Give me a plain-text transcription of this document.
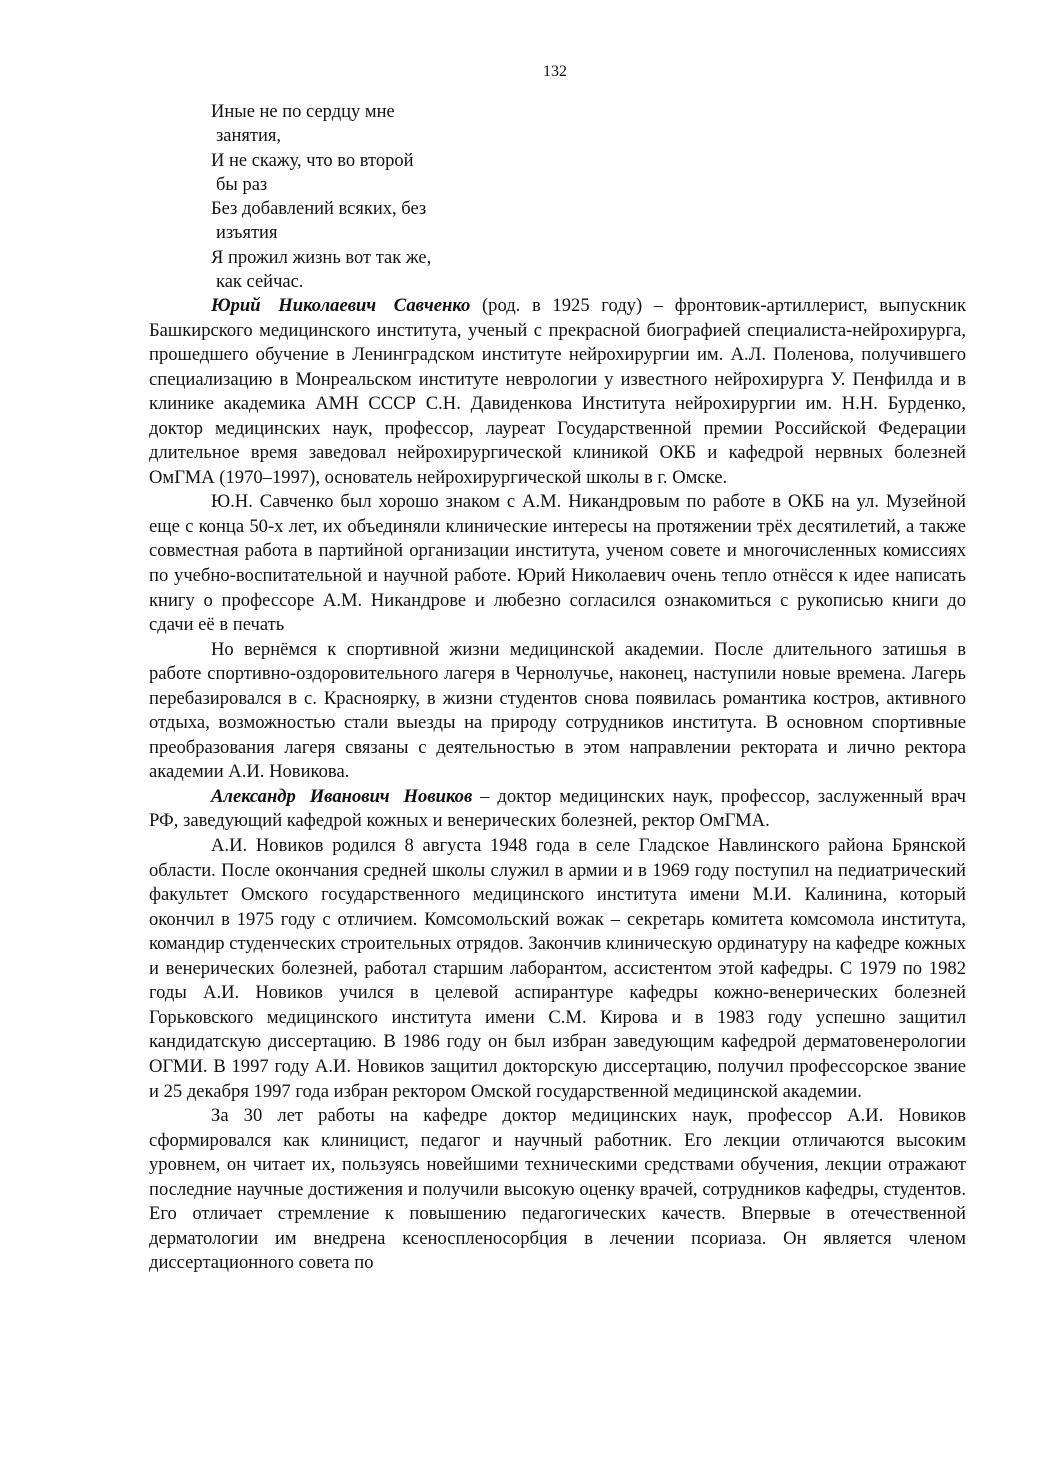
132
Иные не по сердцу мне
занятия,
И не скажу, что во второй
бы раз
Без добавлений всяких, без
изъятия
Я прожил жизнь вот так же,
как сейчас.

Юрий Николаевич Савченко (род. в 1925 году) – фронтовик-артиллерист, выпускник Башкирского медицинского института, ученый с прекрасной биографией специалиста-нейрохирурга, прошедшего обучение в Ленинградском институте нейрохирургии им. А.Л. Поленова, получившего специализацию в Монреальском институте неврологии у известного нейрохирурга У. Пенфилда и в клинике академика АМН СССР С.Н. Давиденкова Института нейрохирургии им. Н.Н. Бурденко, доктор медицинских наук, профессор, лауреат Государственной премии Российской Федерации длительное время заведовал нейрохирургической клиникой ОКБ и кафедрой нервных болезней ОмГМА (1970–1997), основатель нейрохирургической школы в г. Омске.

Ю.Н. Савченко был хорошо знаком с А.М. Никандровым по работе в ОКБ на ул. Музейной еще с конца 50-х лет, их объединяли клинические интересы на протяжении трёх десятилетий, а также совместная работа в партийной организации института, ученом совете и многочисленных комиссиях по учебно-воспитательной и научной работе. Юрий Николаевич очень тепло отнёсся к идее написать книгу о профессоре А.М. Никандрове и любезно согласился ознакомиться с рукописью книги до сдачи её в печать

Но вернёмся к спортивной жизни медицинской академии. После длительного затишья в работе спортивно-оздоровительного лагеря в Чернолучье, наконец, наступили новые времена. Лагерь перебазировался в с. Краснoярку, в жизни студентов снова появилась романтика костров, активного отдыха, возможностью стали выезды на природу сотрудников института. В основном спортивные преобразования лагеря связаны с деятельностью в этом направлении ректората и лично ректора академии А.И. Новикова.

Александр Иванович Новиков – доктор медицинских наук, профессор, заслуженный врач РФ, заведующий кафедрой кожных и венерических болезней, ректор ОмГМА.

А.И. Новиков родился 8 августа 1948 года в селе Гладское Навлинского района Брянской области. После окончания средней школы служил в армии и в 1969 году поступил на педиатрический факультет Омского государственного медицинского института имени М.И. Калинина, который окончил в 1975 году с отличием. Комсомольский вожак – секретарь комитета комсомола института, командир студенческих строительных отрядов. Закончив клиническую ординатуру на кафедре кожных и венерических болезней, работал старшим лаборантом, ассистентом этой кафедры. С 1979 по 1982 годы А.И. Новиков учился в целевой аспирантуре кафедры кожно-венерических болезней Горьковского медицинского института имени С.М. Кирова и в 1983 году успешно защитил кандидатскую диссертацию. В 1986 году он был избран заведующим кафедрой дерматовенерологии ОГМИ. В 1997 году А.И. Новиков защитил докторскую диссертацию, получил профессорское звание и 25 декабря 1997 года избран ректором Омской государственной медицинской академии.

За 30 лет работы на кафедре доктор медицинских наук, профессор А.И. Новиков сформировался как клиницист, педагог и научный работник. Его лекции отличаются высоким уровнем, он читает их, пользуясь новейшими техническими средствами обучения, лекции отражают последние научные достижения и получили высокую оценку врачей, сотрудников кафедры, студентов. Его отличает стремление к повышению педагогических качеств. Впервые в отечественной дерматологии им внедрена ксеноспленосорбция в лечении псориаза. Он является членом диссертационного совета по
